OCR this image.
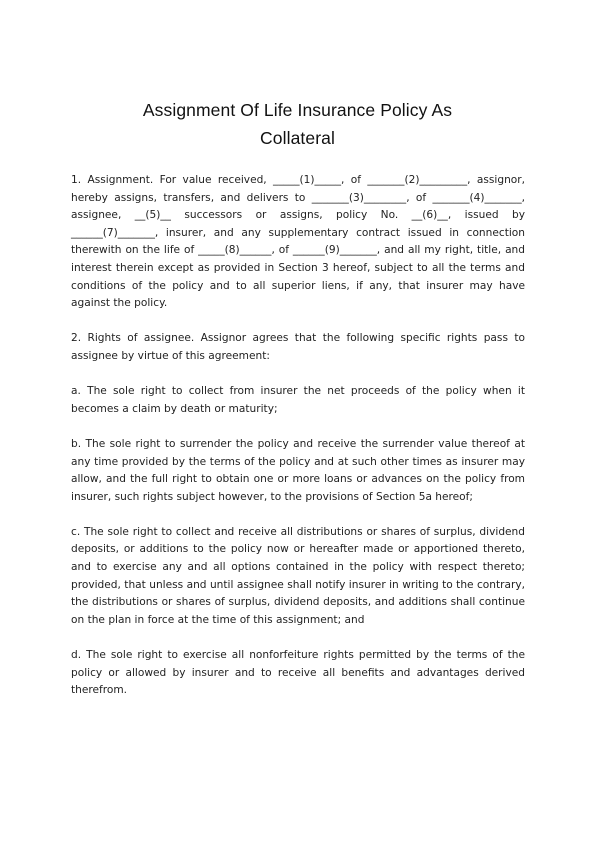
Assignment Of Life Insurance Policy As
Collateral

1. Assignment. For value received, _____(1)_____, of _______(2)_________, assignor, hereby assigns, transfers, and delivers to _______(3)________, of _______(4)_______, assignee, __(5)__ successors or assigns, policy No. __(6)__, issued by ______(7)_______, insurer, and any supplementary contract issued in connection therewith on the life of _____(8)______, of ______(9)_______, and all my right, title, and interest therein except as provided in Section 3 hereof, subject to all the terms and conditions of the policy and to all superior liens, if any, that insurer may have against the policy.

2. Rights of assignee. Assignor agrees that the following specific rights pass to assignee by virtue of this agreement:

a. The sole right to collect from insurer the net proceeds of the policy when it becomes a claim by death or maturity;

b. The sole right to surrender the policy and receive the surrender value thereof at any time provided by the terms of the policy and at such other times as insurer may allow, and the full right to obtain one or more loans or advances on the policy from insurer, such rights subject however, to the provisions of Section 5a hereof;

c. The sole right to collect and receive all distributions or shares of surplus, dividend deposits, or additions to the policy now or hereafter made or apportioned thereto, and to exercise any and all options contained in the policy with respect thereto; provided, that unless and until assignee shall notify insurer in writing to the contrary, the distributions or shares of surplus, dividend deposits, and additions shall continue on the plan in force at the time of this assignment; and

d. The sole right to exercise all nonforfeiture rights permitted by the terms of the policy or allowed by insurer and to receive all benefits and advantages derived therefrom.
